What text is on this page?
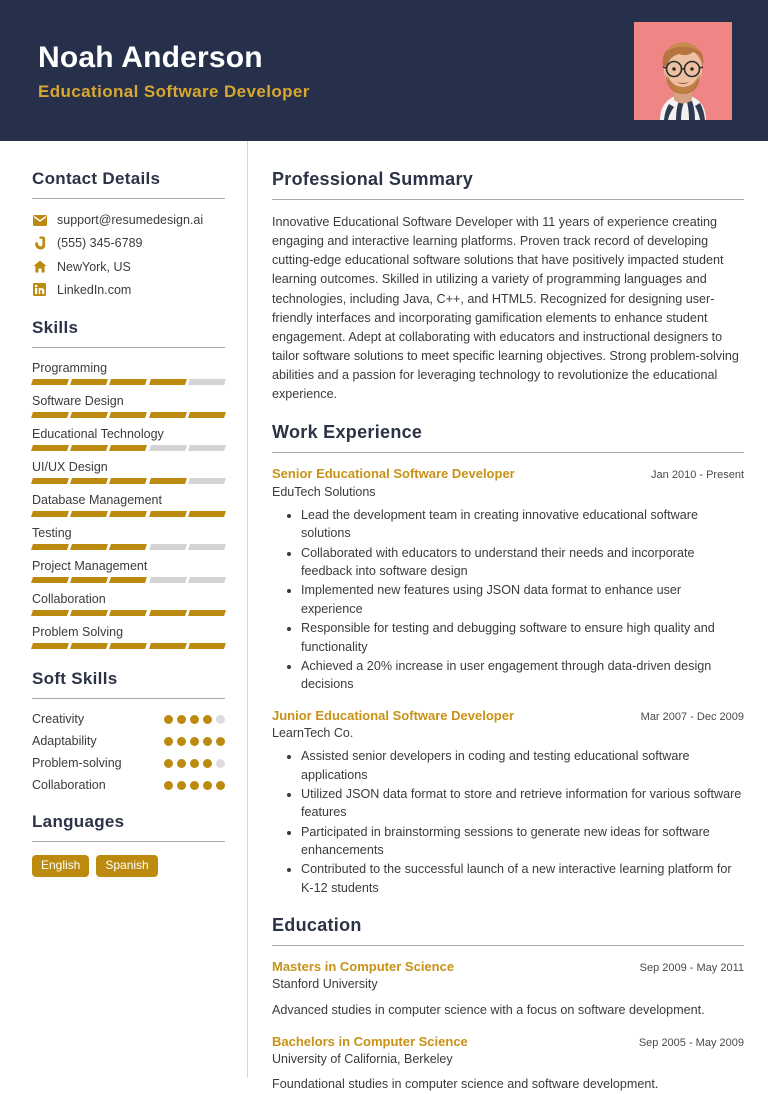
Noah Anderson
Educational Software Developer
Contact Details
support@resumedesign.ai
(555) 345-6789
NewYork, US
LinkedIn.com
Skills
Programming
Software Design
Educational Technology
UI/UX Design
Database Management
Testing
Project Management
Collaboration
Problem Solving
Soft Skills
Creativity
Adaptability
Problem-solving
Collaboration
Languages
English	Spanish
Professional Summary
Innovative Educational Software Developer with 11 years of experience creating engaging and interactive learning platforms. Proven track record of developing cutting-edge educational software solutions that have positively impacted student learning outcomes. Skilled in utilizing a variety of programming languages and technologies, including Java, C++, and HTML5. Recognized for designing user-friendly interfaces and incorporating gamification elements to enhance student engagement. Adept at collaborating with educators and instructional designers to tailor software solutions to meet specific learning objectives. Strong problem-solving abilities and a passion for leveraging technology to revolutionize the educational experience.
Work Experience
Senior Educational Software Developer	Jan 2010 - Present
EduTech Solutions
• Lead the development team in creating innovative educational software solutions
• Collaborated with educators to understand their needs and incorporate feedback into software design
• Implemented new features using JSON data format to enhance user experience
• Responsible for testing and debugging software to ensure high quality and functionality
• Achieved a 20% increase in user engagement through data-driven design decisions
Junior Educational Software Developer	Mar 2007 - Dec 2009
LearnTech Co.
• Assisted senior developers in coding and testing educational software applications
• Utilized JSON data format to store and retrieve information for various software features
• Participated in brainstorming sessions to generate new ideas for software enhancements
• Contributed to the successful launch of a new interactive learning platform for K-12 students
Education
Masters in Computer Science	Sep 2009 - May 2011
Stanford University
Advanced studies in computer science with a focus on software development.
Bachelors in Computer Science	Sep 2005 - May 2009
University of California, Berkeley
Foundational studies in computer science and software development.
